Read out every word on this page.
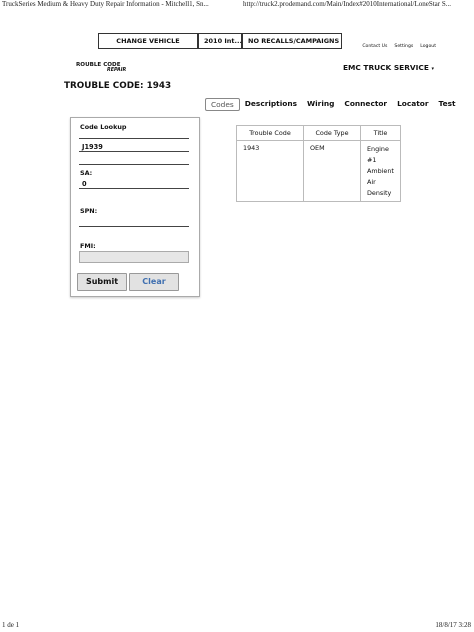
TruckSeries Medium & Heavy Duty Repair Information - Mitchell1, Sn...	http://truck2.prodemand.com/Main/Index#2010International/LoneStar S...
CHANGE VEHICLE	2010 Int... NO RECALLS/CAMPAIGNS
Contact Us Settings Logout
ROUBLE CODE
REPAIR	EMC TRUCK SERVICE ▾
TROUBLE CODE: 1943
Codes	Descriptions	Wiring	Connector	Locator	Test
Code Lookup
J1939
SA:
0
SPN:
FMI:
Submit	Clear
Trouble Code	Code Type	Title
1943	OEM	Engine #1 Ambient Air Density
1 de 1	18/8/17 3:28
